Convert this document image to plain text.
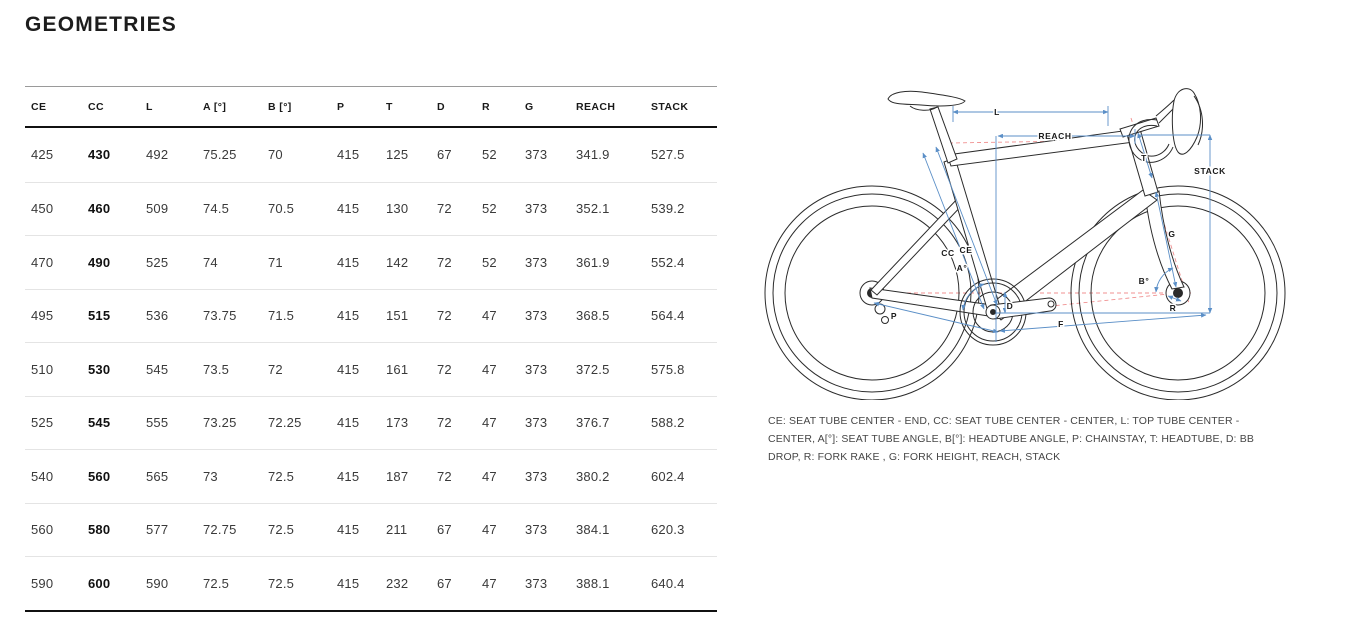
GEOMETRIES
CE	CC	L	A [°]	B [°]	P	T	D	R	G	REACH	STACK
425	430	492	75.25	70	415	125	67	52	373	341.9	527.5
450	460	509	74.5	70.5	415	130	72	52	373	352.1	539.2
470	490	525	74	71	415	142	72	52	373	361.9	552.4
495	515	536	73.75	71.5	415	151	72	47	373	368.5	564.4
510	530	545	73.5	72	415	161	72	47	373	372.5	575.8
525	545	555	73.25	72.25	415	173	72	47	373	376.7	588.2
540	560	565	73	72.5	415	187	72	47	373	380.2	602.4
560	580	577	72.75	72.5	415	211	67	47	373	384.1	620.3
590	600	590	72.5	72.5	415	232	67	47	373	388.1	640.4
L
REACH
STACK
T
G
CC CE
A°
B°
P
D
F
R

CE: SEAT TUBE CENTER - END, CC: SEAT TUBE CENTER - CENTER, L: TOP TUBE CENTER - CENTER, A[°]: SEAT TUBE ANGLE, B[°]: HEADTUBE ANGLE, P: CHAINSTAY, T: HEADTUBE, D: BB DROP, R: FORK RAKE , G: FORK HEIGHT, REACH, STACK
